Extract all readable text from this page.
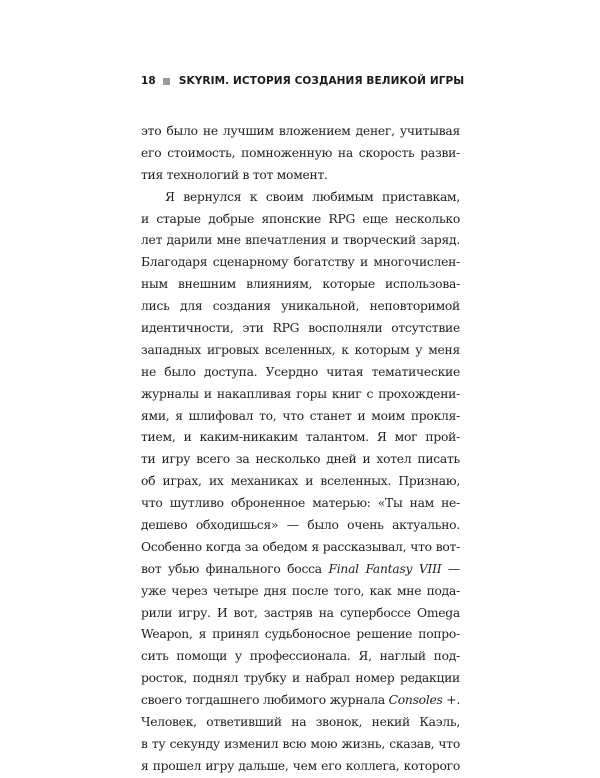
18 SKYRIM. ИСТОРИЯ СОЗДАНИЯ ВЕЛИКОЙ ИГРЫ
это было не лучшим вложением денег, учитывая
его стоимость, помноженную на скорость разви-
тия технологий в тот момент.
Я вернулся к своим любимым приставкам,
и старые добрые японские RPG еще несколько
лет дарили мне впечатления и творческий заряд.
Благодаря сценарному богатству и многочислен-
ным внешним влияниям, которые использова-
лись для создания уникальной, неповторимой
идентичности, эти RPG восполняли отсутствие
западных игровых вселенных, к которым у меня
не было доступа. Усердно читая тематические
журналы и накапливая горы книг с прохождени-
ями, я шлифовал то, что станет и моим прокля-
тием, и каким-никаким талантом. Я мог прой-
ти игру всего за несколько дней и хотел писать
об играх, их механиках и вселенных. Признаю,
что шутливо оброненное матерью: «Ты нам не-
дешево обходишься» — было очень актуально.
Особенно когда за обедом я рассказывал, что вот-
вот убью финального босса Final Fantasy VIII —
уже через четыре дня после того, как мне пода-
рили игру. И вот, застряв на супербоссе Omega
Weapon, я принял судьбоносное решение попро-
сить помощи у профессионала. Я, наглый под-
росток, поднял трубку и набрал номер редакции
своего тогдашнего любимого журнала Consoles +.
Человек, ответивший на звонок, некий Каэль,
в ту секунду изменил всю мою жизнь, сказав, что
я прошел игру дальше, чем его коллега, которого
